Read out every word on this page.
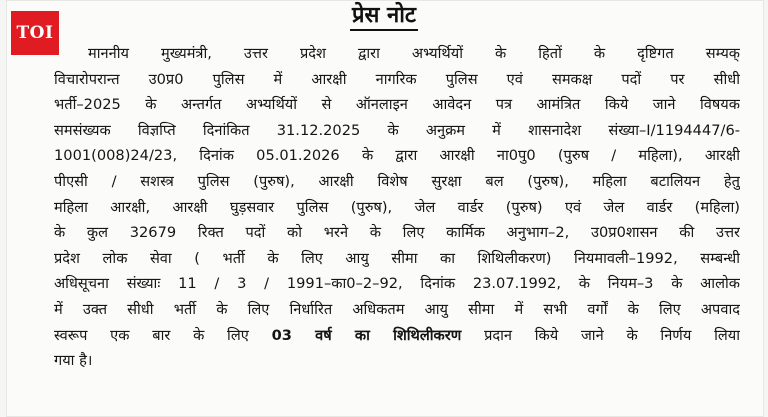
TOI
प्रेस नोट
माननीय मुख्यमंत्री, उत्तर प्रदेश द्वारा अभ्यर्थियों के हितों के दृष्टिगत सम्यक्
विचारोपरान्त उ0प्र0 पुलिस में आरक्षी नागरिक पुलिस एवं समकक्ष पदों पर सीधी
भर्ती–2025 के अन्तर्गत अभ्यर्थियों से ऑनलाइन आवेदन पत्र आमंत्रित किये जाने विषयक
समसंख्यक विज्ञप्ति दिनांकित 31.12.2025 के अनुक्रम में शासनादेश संख्या–I/1194447/6-
1001(008)24/23, दिनांक 05.01.2026 के द्वारा आरक्षी ना0पु0 (पुरुष / महिला), आरक्षी
पीएसी / सशस्त्र पुलिस (पुरुष), आरक्षी विशेष सुरक्षा बल (पुरुष), महिला बटालियन हेतु
महिला आरक्षी, आरक्षी घुड़सवार पुलिस (पुरुष), जेल वार्डर (पुरुष) एवं जेल वार्डर (महिला)
के कुल 32679 रिक्त पदों को भरने के लिए कार्मिक अनुभाग–2, उ0प्र0शासन की उत्तर
प्रदेश लोक सेवा ( भर्ती के लिए आयु सीमा का शिथिलीकरण) नियमावली–1992, सम्बन्धी
अधिसूचना संख्याः 11 / 3 / 1991–का0–2–92, दिनांक 23.07.1992, के नियम–3 के आलोक
में उक्त सीधी भर्ती के लिए निर्धारित अधिकतम आयु सीमा में सभी वर्गों के लिए अपवाद
स्वरूप एक बार के लिए 03 वर्ष का शिथिलीकरण प्रदान किये जाने के निर्णय लिया
गया है।
